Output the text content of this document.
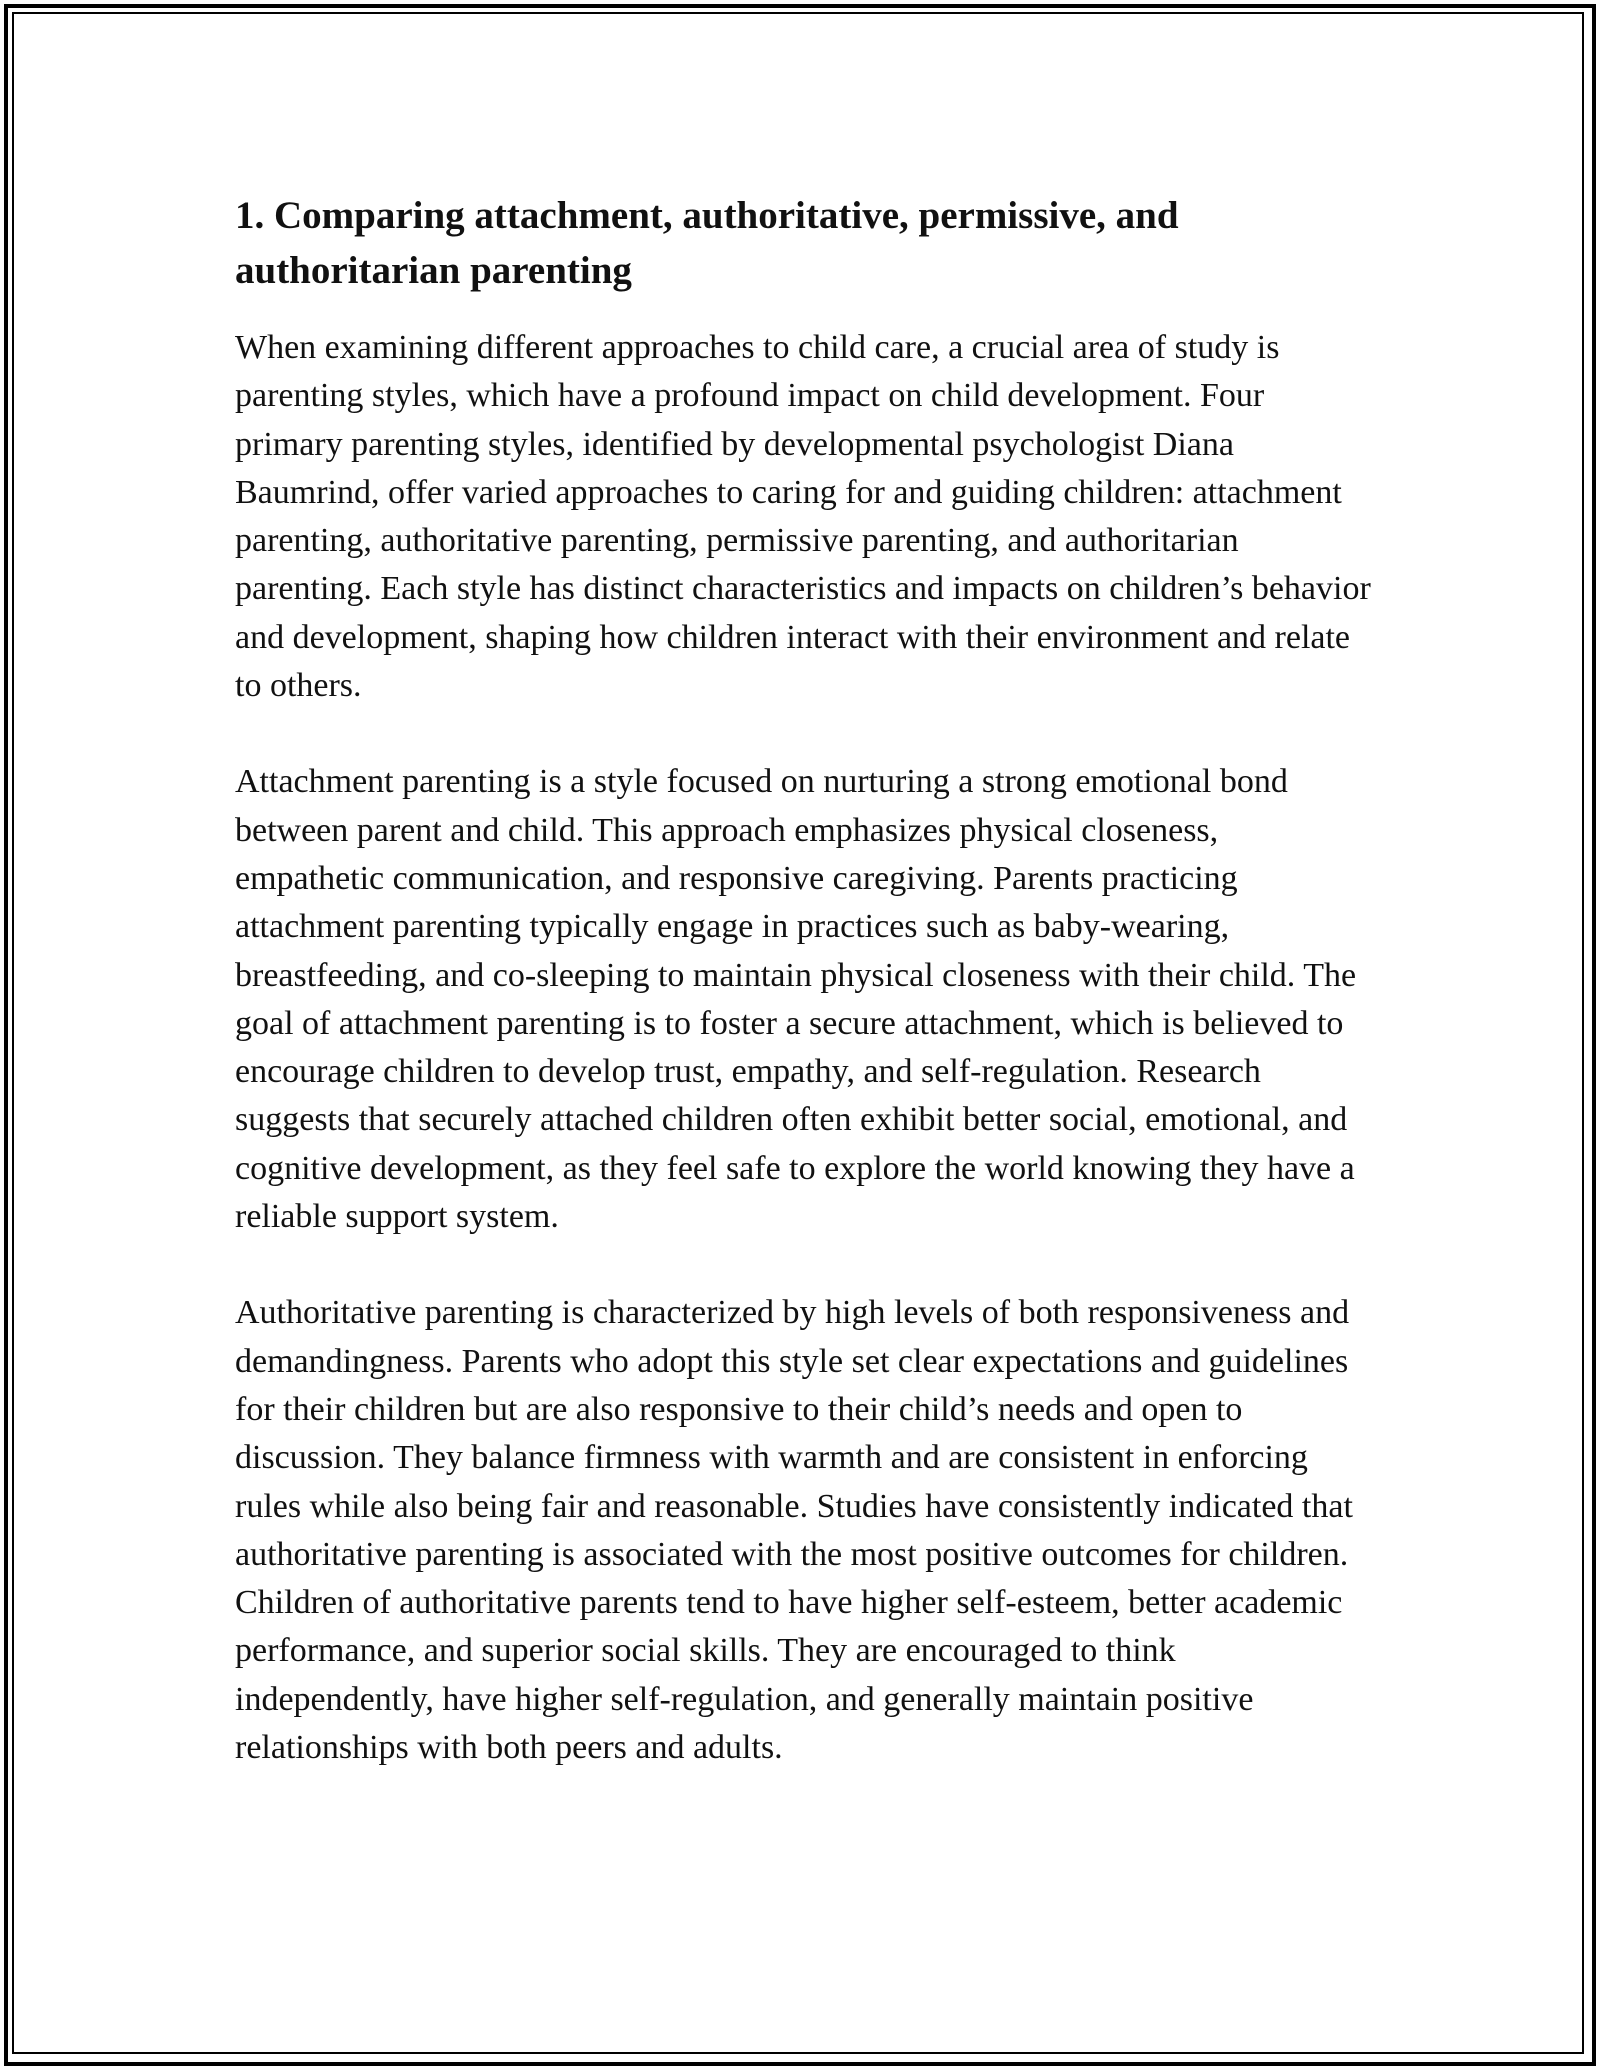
1. Comparing attachment, authoritative, permissive, and authoritarian parenting

When examining different approaches to child care, a crucial area of study is parenting styles, which have a profound impact on child development. Four primary parenting styles, identified by developmental psychologist Diana Baumrind, offer varied approaches to caring for and guiding children: attachment parenting, authoritative parenting, permissive parenting, and authoritarian parenting. Each style has distinct characteristics and impacts on children’s behavior and development, shaping how children interact with their environment and relate to others.

Attachment parenting is a style focused on nurturing a strong emotional bond between parent and child. This approach emphasizes physical closeness, empathetic communication, and responsive caregiving. Parents practicing attachment parenting typically engage in practices such as baby-wearing, breastfeeding, and co-sleeping to maintain physical closeness with their child. The goal of attachment parenting is to foster a secure attachment, which is believed to encourage children to develop trust, empathy, and self-regulation. Research suggests that securely attached children often exhibit better social, emotional, and cognitive development, as they feel safe to explore the world knowing they have a reliable support system.

Authoritative parenting is characterized by high levels of both responsiveness and demandingness. Parents who adopt this style set clear expectations and guidelines for their children but are also responsive to their child’s needs and open to discussion. They balance firmness with warmth and are consistent in enforcing rules while also being fair and reasonable. Studies have consistently indicated that authoritative parenting is associated with the most positive outcomes for children. Children of authoritative parents tend to have higher self-esteem, better academic performance, and superior social skills. They are encouraged to think independently, have higher self-regulation, and generally maintain positive relationships with both peers and adults.
